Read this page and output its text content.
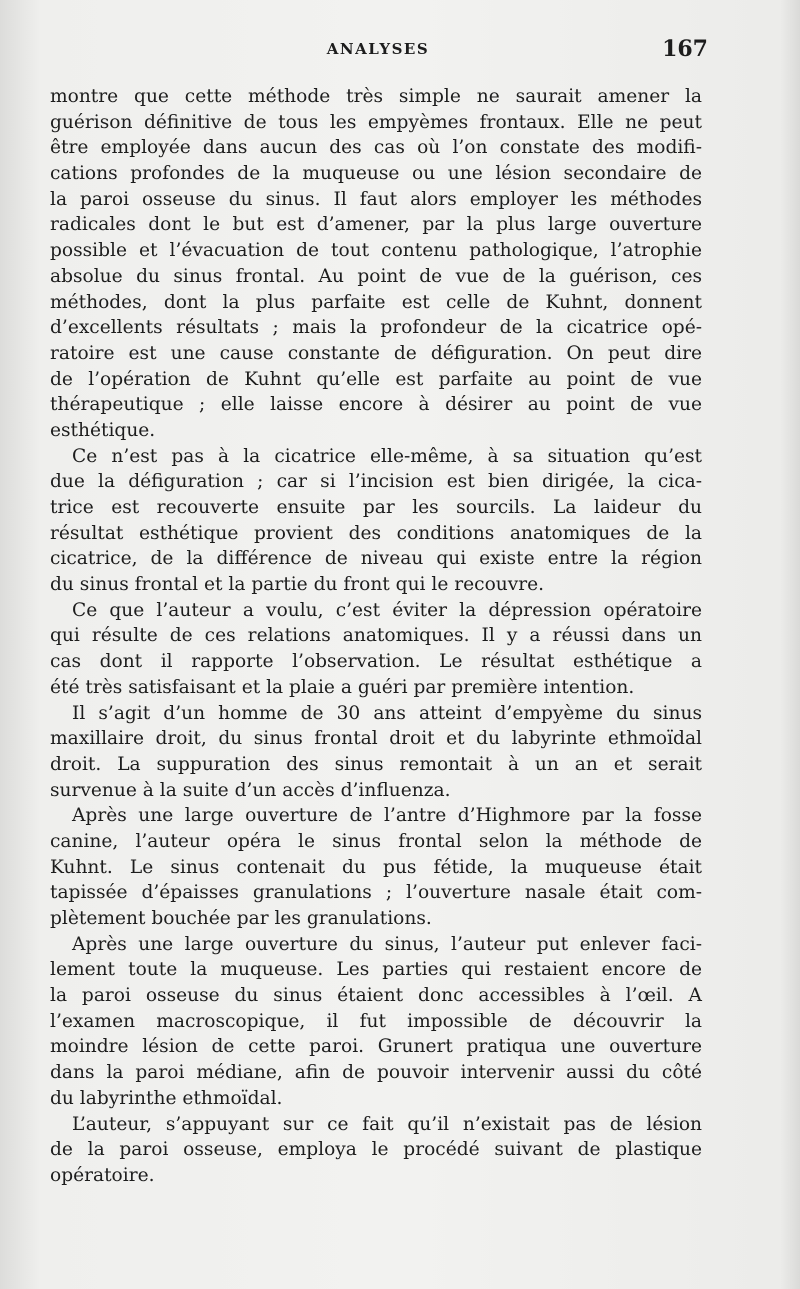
ANALYSES	167
montre que cette méthode très simple ne saurait amener la
guérison définitive de tous les empyèmes frontaux. Elle ne peut
être employée dans aucun des cas où l’on constate des modifi-
cations profondes de la muqueuse ou une lésion secondaire de
la paroi osseuse du sinus. Il faut alors employer les méthodes
radicales dont le but est d’amener, par la plus large ouverture
possible et l’évacuation de tout contenu pathologique, l’atrophie
absolue du sinus frontal. Au point de vue de la guérison, ces
méthodes, dont la plus parfaite est celle de Kuhnt, donnent
d’excellents résultats ; mais la profondeur de la cicatrice opé-
ratoire est une cause constante de défiguration. On peut dire
de l’opération de Kuhnt qu’elle est parfaite au point de vue
thérapeutique ; elle laisse encore à désirer au point de vue
esthétique.
Ce n’est pas à la cicatrice elle-même, à sa situation qu’est
due la défiguration ; car si l’incision est bien dirigée, la cica-
trice est recouverte ensuite par les sourcils. La laideur du
résultat esthétique provient des conditions anatomiques de la
cicatrice, de la différence de niveau qui existe entre la région
du sinus frontal et la partie du front qui le recouvre.
Ce que l’auteur a voulu, c’est éviter la dépression opératoire
qui résulte de ces relations anatomiques. Il y a réussi dans un
cas dont il rapporte l’observation. Le résultat esthétique a
été très satisfaisant et la plaie a guéri par première intention.
Il s’agit d’un homme de 30 ans atteint d’empyème du sinus
maxillaire droit, du sinus frontal droit et du labyrinte ethmoïdal
droit. La suppuration des sinus remontait à un an et serait
survenue à la suite d’un accès d’influenza.
Après une large ouverture de l’antre d’Highmore par la fosse
canine, l’auteur opéra le sinus frontal selon la méthode de
Kuhnt. Le sinus contenait du pus fétide, la muqueuse était
tapissée d’épaisses granulations ; l’ouverture nasale était com-
plètement bouchée par les granulations.
Après une large ouverture du sinus, l’auteur put enlever faci-
lement toute la muqueuse. Les parties qui restaient encore de
la paroi osseuse du sinus étaient donc accessibles à l’œil. A
l’examen macroscopique, il fut impossible de découvrir la
moindre lésion de cette paroi. Grunert pratiqua une ouverture
dans la paroi médiane, afin de pouvoir intervenir aussi du côté
du labyrinthe ethmoïdal.
L’auteur, s’appuyant sur ce fait qu’il n’existait pas de lésion
de la paroi osseuse, employa le procédé suivant de plastique
opératoire.
